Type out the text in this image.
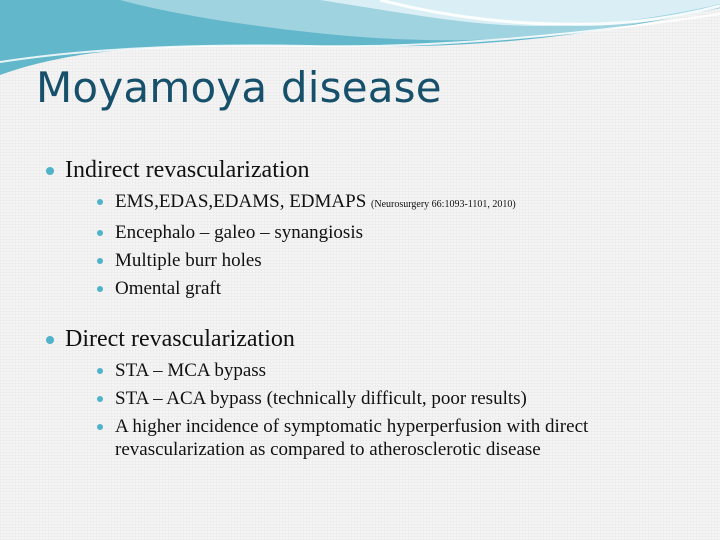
Moyamoya disease
Indirect revascularization
EMS,EDAS,EDAMS, EDMAPS (Neurosurgery 66:1093-1101, 2010)
Encephalo – galeo – synangiosis
Multiple burr holes
Omental graft
Direct revascularization
STA – MCA bypass
STA – ACA bypass (technically difficult, poor results)
A higher incidence of symptomatic hyperperfusion with direct revascularization as compared to atherosclerotic disease
